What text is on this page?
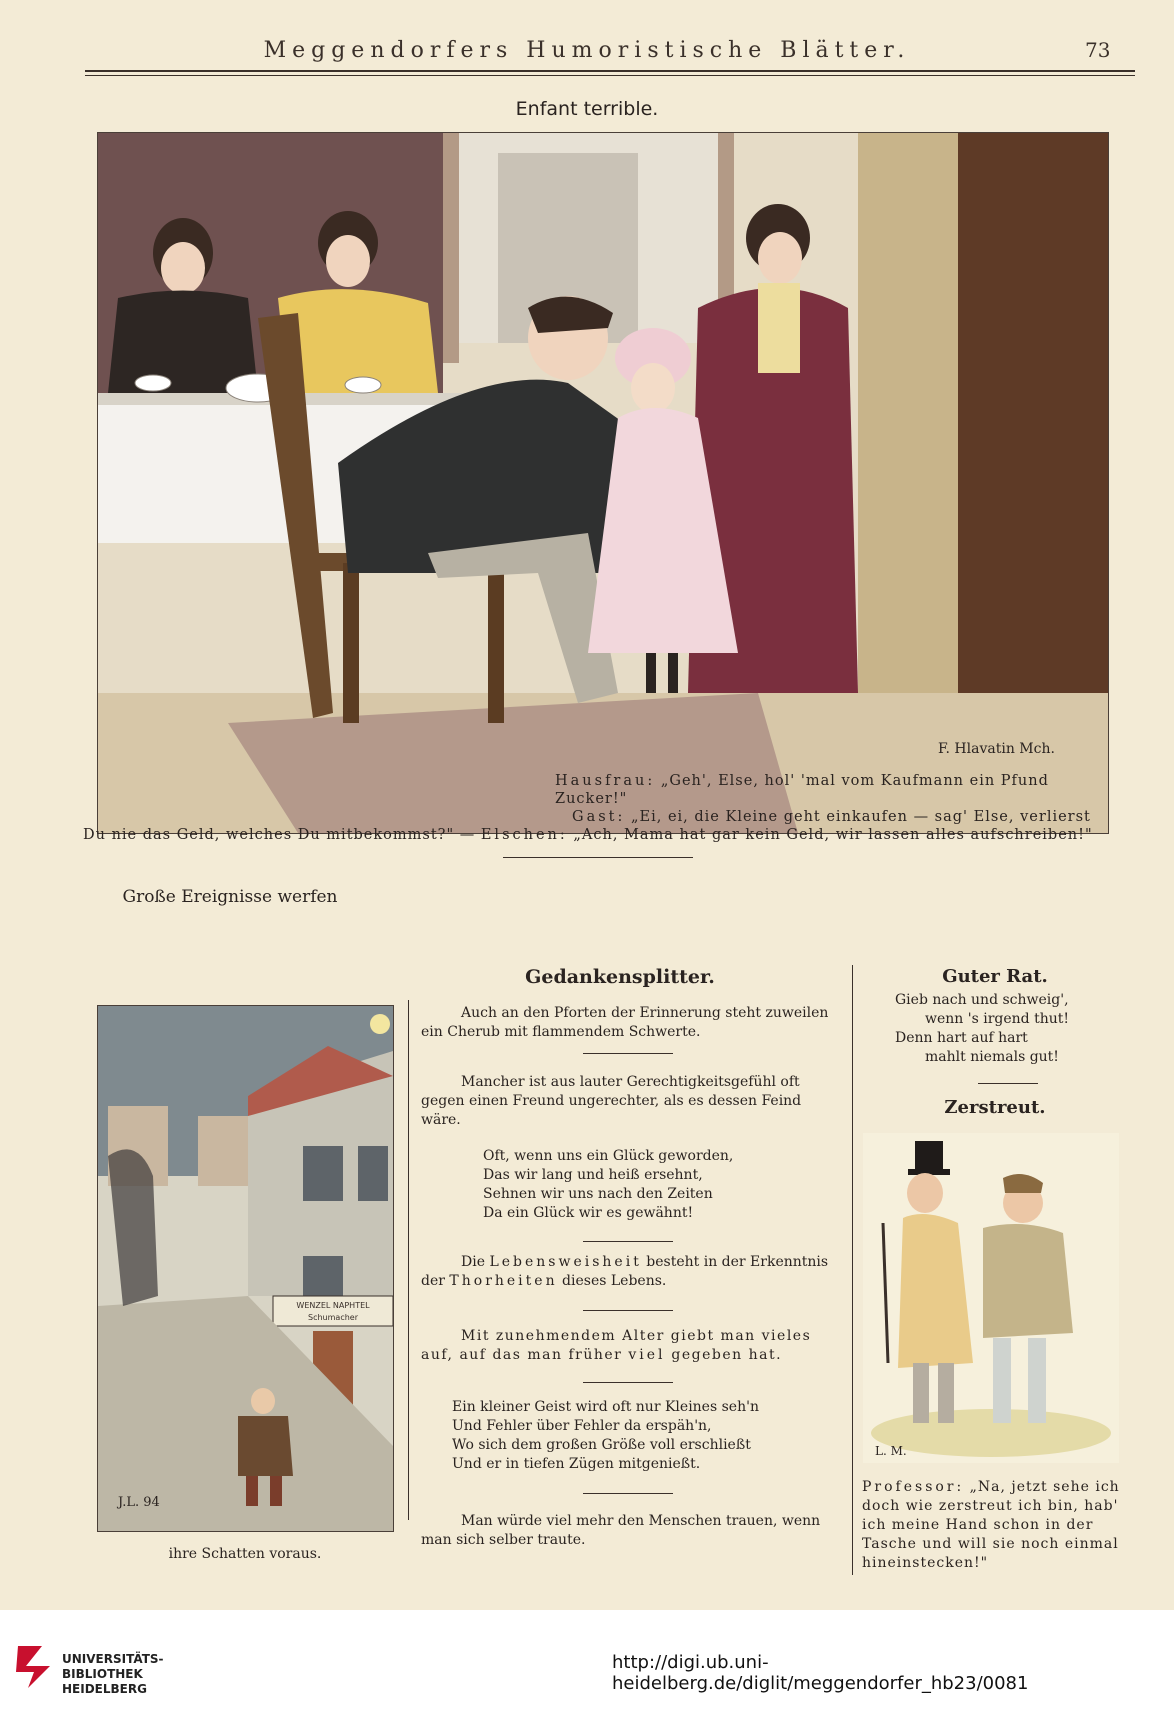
Meggendorfers Humoristische Blätter.	73
Enfant terrible.
F. Hlavatin Mch.
Hausfrau: „Geh', Else, hol' 'mal vom Kaufmann ein Pfund
Zucker!"
Gast: „Ei, ei, die Kleine geht einkaufen — sag' Else, verlierst
Du nie das Geld, welches Du mitbekommst?" — Elschen: „Ach, Mama hat gar kein Geld, wir lassen alles aufschreiben!"
Große Ereignisse werfen
WENZEL NAPHTEL
Schumacher
J.L. 94
ihre Schatten voraus.
Gedankensplitter.
Auch an den Pforten der Erinnerung steht zuweilen ein Cherub mit flammendem Schwerte.
Mancher ist aus lauter Gerechtigkeitsgefühl oft gegen einen Freund ungerechter, als es dessen Feind wäre.
Oft, wenn uns ein Glück geworden,
Das wir lang und heiß ersehnt,
Sehnen wir uns nach den Zeiten
Da ein Glück wir es gewähnt!
Die Lebensweisheit besteht in der Erkenntnis der Thorheiten dieses Lebens.
Mit zunehmendem Alter giebt man vieles auf, auf das man früher viel gegeben hat.
Ein kleiner Geist wird oft nur Kleines seh'n
Und Fehler über Fehler da erspäh'n,
Wo sich dem großen Größe voll erschließt
Und er in tiefen Zügen mitgenießt.
Man würde viel mehr den Menschen trauen, wenn man sich selber traute.
Guter Rat.
Gieb nach und schweig',
wenn 's irgend thut!
Denn hart auf hart
mahlt niemals gut!
Zerstreut.
L. M.
Professor: „Na, jetzt sehe ich doch wie zerstreut ich bin, hab' ich meine Hand schon in der Tasche und will sie noch einmal hineinstecken!"
UNIVERSITÄTS-
BIBLIOTHEK
HEIDELBERG
http://digi.ub.uni-heidelberg.de/diglit/meggendorfer_hb23/0081
